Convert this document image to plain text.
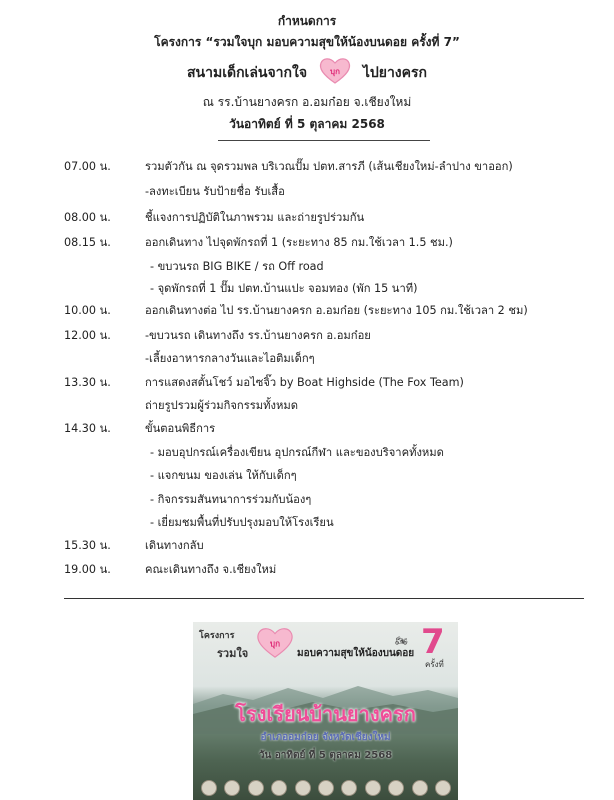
กำหนดการ
โครงการ “รวมใจบุก มอบความสุขให้น้องบนดอย ครั้งที่ 7”
สนามเด็กเล่นจากใจ	บุก ไปยางครก
ณ รร.บ้านยางครก อ.อมก๋อย จ.เชียงใหม่
วันอาทิตย์ ที่ 5 ตุลาคม 2568
07.00 น.	รวมตัวกัน ณ จุดรวมพล บริเวณปั๊ม ปตท.สารภี (เส้นเชียงใหม่-ลำปาง ขาออก)
-ลงทะเบียน รับป้ายชื่อ รับเสื้อ
08.00 น.	ชี้แจงการปฏิบัติในภาพรวม และถ่ายรูปร่วมกัน
08.15 น.	ออกเดินทาง ไปจุดพักรถที่ 1 (ระยะทาง 85 กม.ใช้เวลา 1.5 ชม.)
- ขบวนรถ BIG BIKE / รถ Off road
- จุดพักรถที่ 1 ปั๊ม ปตท.บ้านแปะ จอมทอง (พัก 15 นาที)
10.00 น.	ออกเดินทางต่อ ไป รร.บ้านยางครก อ.อมก๋อย (ระยะทาง 105 กม.ใช้เวลา 2 ชม)
12.00 น.	-ขบวนรถ เดินทางถึง รร.บ้านยางครก อ.อมก๋อย
-เลี้ยงอาหารกลางวันและไอติมเด็กๆ
13.30 น.	การแสดงสตั้นโชว์ มอไซจิ๊ว by Boat Highside (The Fox Team)
ถ่ายรูปรวมผู้ร่วมกิจกรรมทั้งหมด
14.30 น.	ขั้นตอนพิธีการ
- มอบอุปกรณ์เครื่องเขียน อุปกรณ์กีฬา และของบริจาคทั้งหมด
- แจกขนม ของเล่น ให้กับเด็กๆ
- กิจกรรมสันทนาการร่วมกับน้องๆ
- เยี่ยมชมพื้นที่ปรับปรุงมอบให้โรงเรียน
15.30 น.	เดินทางกลับ
19.00 น.	คณะเดินทางถึง จ.เชียงใหม่
โครงการ
รวมใจ
บุก
มอบความสุขให้น้องบนดอย
🏍 7
ครั้งที่
โรงเรียนบ้านยางครก
อำเภออมก๋อย จังหวัดเชียงใหม่
วัน อาทิตย์ ที่ 5 ตุลาคม 2568
